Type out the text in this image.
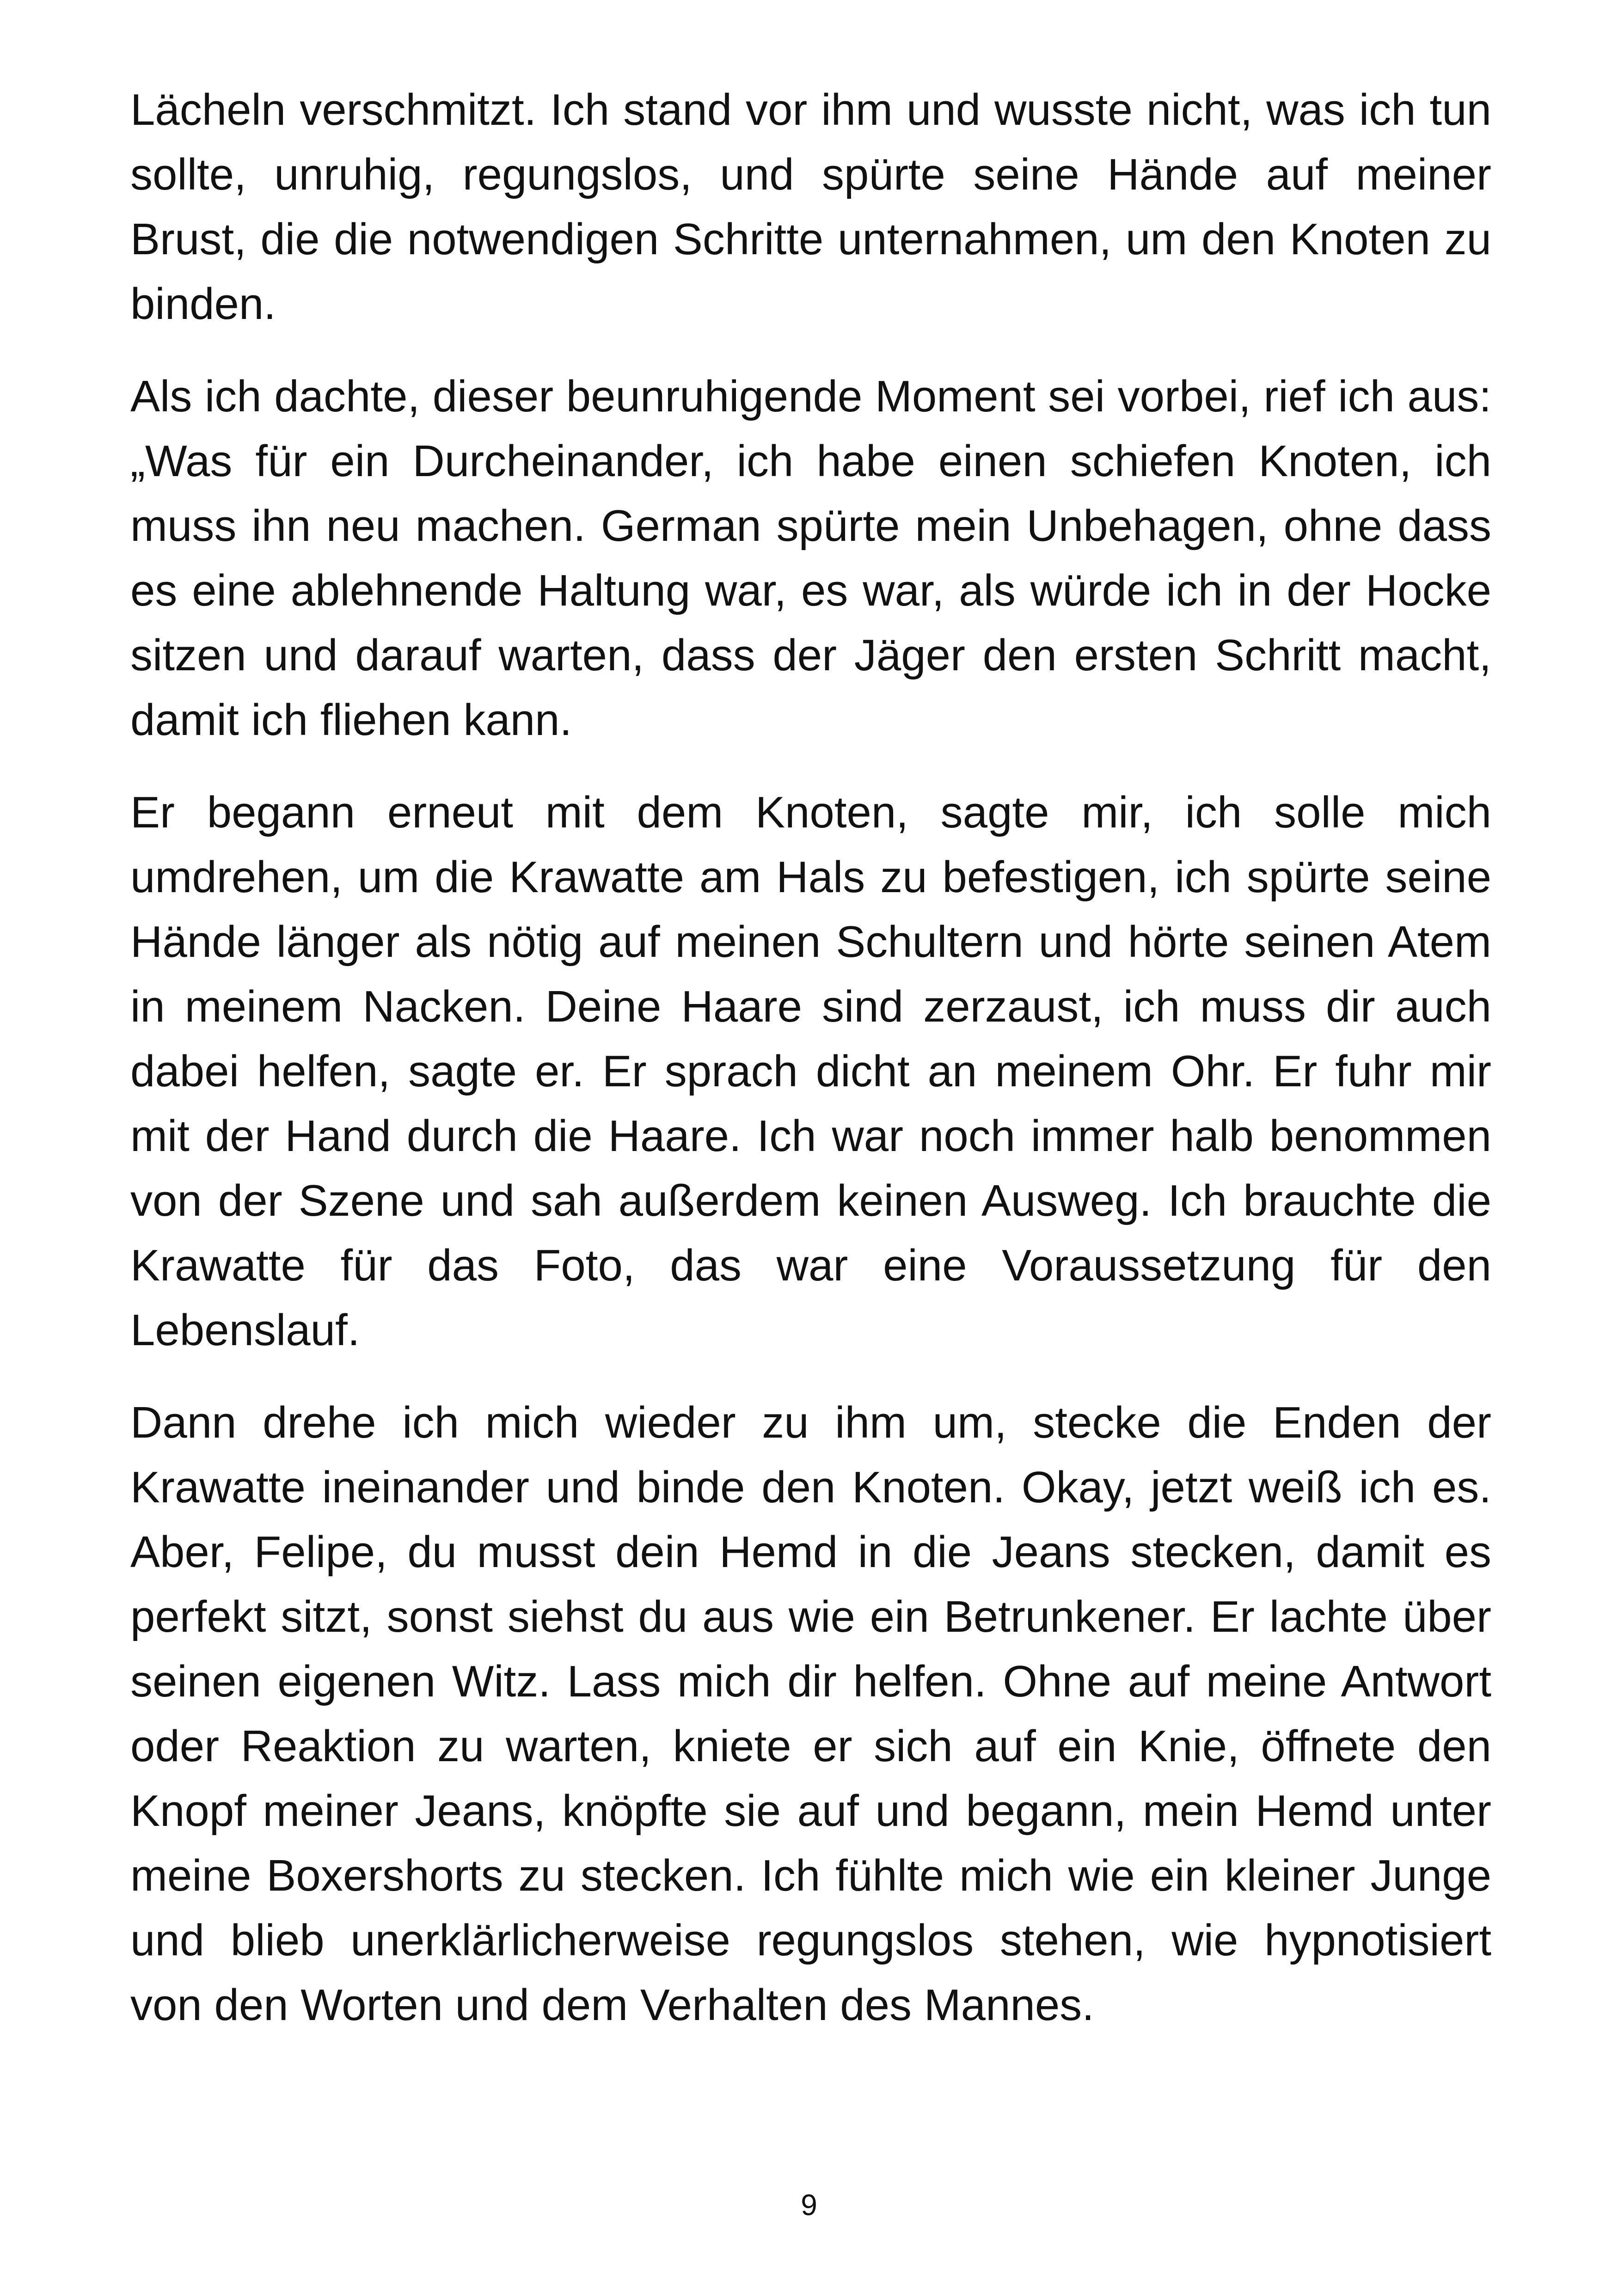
Lächeln verschmitzt. Ich stand vor ihm und wusste nicht, was ich tun sollte, unruhig, regungslos, und spürte seine Hände auf meiner Brust, die die notwendigen Schritte unternahmen, um den Knoten zu binden.

Als ich dachte, dieser beunruhigende Moment sei vorbei, rief ich aus: „Was für ein Durcheinander, ich habe einen schiefen Knoten, ich muss ihn neu machen. German spürte mein Unbehagen, ohne dass es eine ablehnende Haltung war, es war, als würde ich in der Hocke sitzen und darauf warten, dass der Jäger den ersten Schritt macht, damit ich fliehen kann.

Er begann erneut mit dem Knoten, sagte mir, ich solle mich umdrehen, um die Krawatte am Hals zu befestigen, ich spürte seine Hände länger als nötig auf meinen Schultern und hörte seinen Atem in meinem Nacken. Deine Haare sind zerzaust, ich muss dir auch dabei helfen, sagte er. Er sprach dicht an meinem Ohr. Er fuhr mir mit der Hand durch die Haare. Ich war noch immer halb benommen von der Szene und sah außerdem keinen Ausweg. Ich brauchte die Krawatte für das Foto, das war eine Voraussetzung für den Lebenslauf.

Dann drehe ich mich wieder zu ihm um, stecke die Enden der Krawatte ineinander und binde den Knoten. Okay, jetzt weiß ich es. Aber, Felipe, du musst dein Hemd in die Jeans stecken, damit es perfekt sitzt, sonst siehst du aus wie ein Betrunkener. Er lachte über seinen eigenen Witz. Lass mich dir helfen. Ohne auf meine Antwort oder Reaktion zu warten, kniete er sich auf ein Knie, öffnete den Knopf meiner Jeans, knöpfte sie auf und begann, mein Hemd unter meine Boxershorts zu stecken. Ich fühlte mich wie ein kleiner Junge und blieb unerklärlicherweise regungslos stehen, wie hypnotisiert von den Worten und dem Verhalten des Mannes.

9
